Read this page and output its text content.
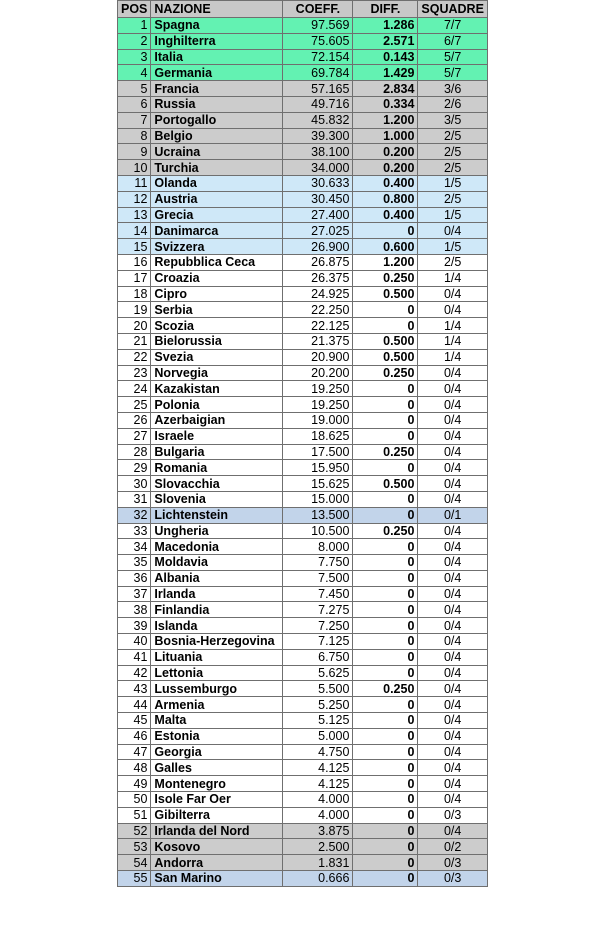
POS	NAZIONE	COEFF.	DIFF.	SQUADRE
1	Spagna	97.569	1.286	7/7
2	Inghilterra	75.605	2.571	6/7
3	Italia	72.154	0.143	5/7
4	Germania	69.784	1.429	5/7
5	Francia	57.165	2.834	3/6
6	Russia	49.716	0.334	2/6
7	Portogallo	45.832	1.200	3/5
8	Belgio	39.300	1.000	2/5
9	Ucraina	38.100	0.200	2/5
10	Turchia	34.000	0.200	2/5
11	Olanda	30.633	0.400	1/5
12	Austria	30.450	0.800	2/5
13	Grecia	27.400	0.400	1/5
14	Danimarca	27.025	0	0/4
15	Svizzera	26.900	0.600	1/5
16	Repubblica Ceca	26.875	1.200	2/5
17	Croazia	26.375	0.250	1/4
18	Cipro	24.925	0.500	0/4
19	Serbia	22.250	0	0/4
20	Scozia	22.125	0	1/4
21	Bielorussia	21.375	0.500	1/4
22	Svezia	20.900	0.500	1/4
23	Norvegia	20.200	0.250	0/4
24	Kazakistan	19.250	0	0/4
25	Polonia	19.250	0	0/4
26	Azerbaigian	19.000	0	0/4
27	Israele	18.625	0	0/4
28	Bulgaria	17.500	0.250	0/4
29	Romania	15.950	0	0/4
30	Slovacchia	15.625	0.500	0/4
31	Slovenia	15.000	0	0/4
32	Lichtenstein	13.500	0	0/1
33	Ungheria	10.500	0.250	0/4
34	Macedonia	8.000	0	0/4
35	Moldavia	7.750	0	0/4
36	Albania	7.500	0	0/4
37	Irlanda	7.450	0	0/4
38	Finlandia	7.275	0	0/4
39	Islanda	7.250	0	0/4
40	Bosnia-Herzegovina	7.125	0	0/4
41	Lituania	6.750	0	0/4
42	Lettonia	5.625	0	0/4
43	Lussemburgo	5.500	0.250	0/4
44	Armenia	5.250	0	0/4
45	Malta	5.125	0	0/4
46	Estonia	5.000	0	0/4
47	Georgia	4.750	0	0/4
48	Galles	4.125	0	0/4
49	Montenegro	4.125	0	0/4
50	Isole Far Oer	4.000	0	0/4
51	Gibilterra	4.000	0	0/3
52	Irlanda del Nord	3.875	0	0/4
53	Kosovo	2.500	0	0/2
54	Andorra	1.831	0	0/3
55	San Marino	0.666	0	0/3
